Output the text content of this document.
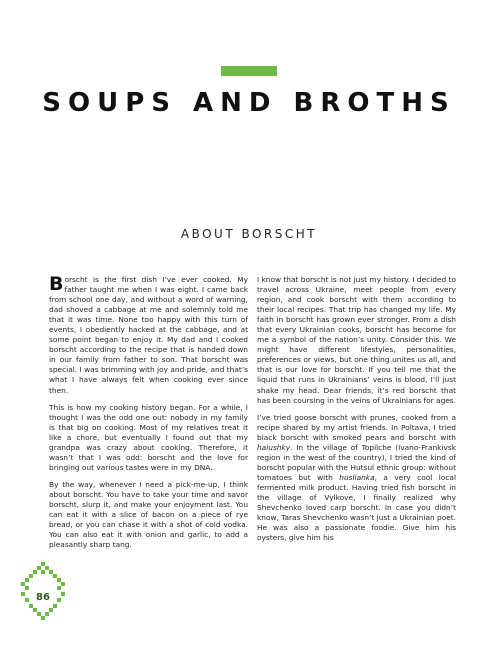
SOUPS AND BROTHS
ABOUT BORSCHT

Borscht is the first dish I’ve ever cooked. My father taught me when I was eight. I came back from school one day, and without a word of warning, dad shoved a cabbage at me and solemnly told me that it was time. None too happy with this turn of events, I obediently hacked at the cabbage, and at some point began to enjoy it. My dad and I cooked borscht according to the recipe that is handed down in our family from father to son. That borscht was special. I was brimming with joy and pride, and that’s what I have always felt when cooking ever since then.

This is how my cooking history began. For a while, I thought I was the odd one out: nobody in my family is that big on cooking. Most of my relatives treat it like a chore, but eventually I found out that my grandpa was crazy about cooking. Therefore, it wasn’t that I was odd: borscht and the love for bringing out various tastes were in my DNA.

By the way, whenever I need a pick-me-up, I think about borscht. You have to take your time and savor borscht, slurp it, and make your enjoyment last. You can eat it with a slice of bacon on a piece of rye bread, or you can chase it with a shot of cold vodka. You can also eat it with onion and garlic, to add a pleasantly sharp tang.

I know that borscht is not just my history. I decided to travel across Ukraine, meet people from every region, and cook borscht with them according to their local recipes. That trip has changed my life. My faith in borscht has grown ever stronger. From a dish that every Ukrainian cooks, borscht has become for me a symbol of the nation’s unity. Consider this. We might have different lifestyles, personalities, preferences or views, but one thing unites us all, and that is our love for borscht. If you tell me that the liquid that runs in Ukrainians’ veins is blood, I’ll just shake my head. Dear friends, it’s red borscht that has been coursing in the veins of Ukrainians for ages.

I’ve tried goose borscht with prunes, cooked from a recipe shared by my artist friends. In Poltava, I tried black borscht with smoked pears and borscht with halushky. In the village of Topilche (Ivano-Frankivsk region in the west of the country), I tried the kind of borscht popular with the Hutsul ethnic group: without tomatoes but with huslianka, a very cool local fermented milk product. Having tried fish borscht in the village of Vylkove, I finally realized why Shevchenko loved carp borscht. In case you didn’t know, Taras Shevchenko wasn’t just a Ukrainian poet. He was also a passionate foodie. Give him his oysters, give him his

86
